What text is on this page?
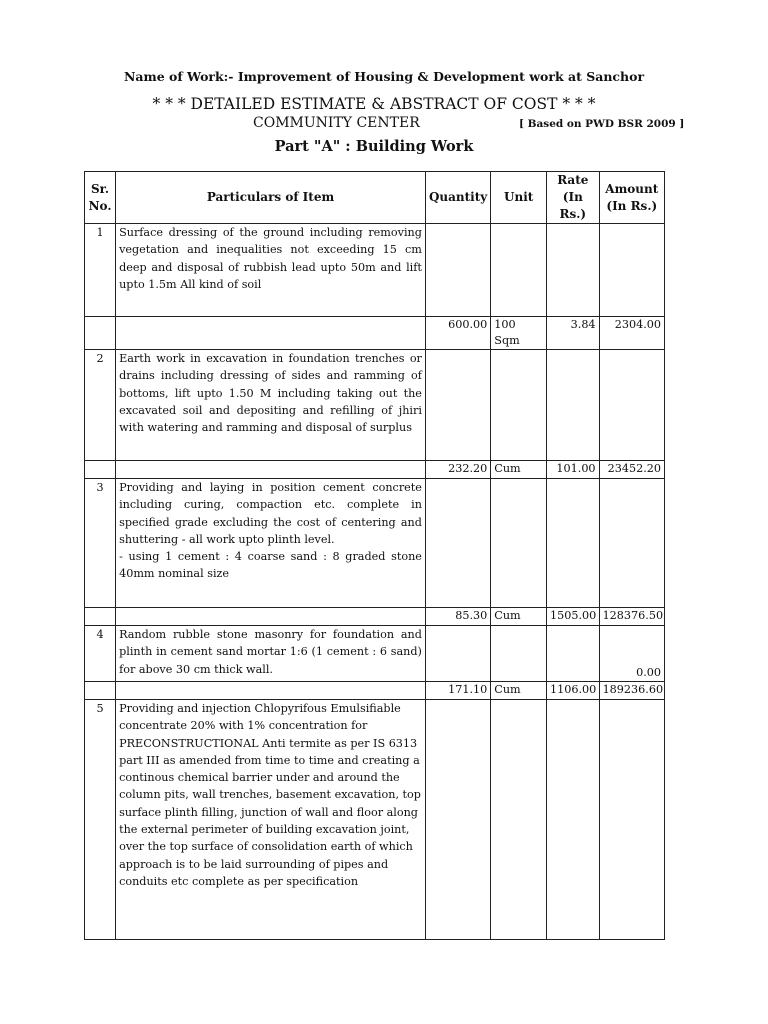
Name of Work:- Improvement of Housing & Development work at Sanchor
* * * DETAILED ESTIMATE & ABSTRACT OF COST * * *
COMMUNITY CENTER	[ Based on PWD BSR 2009 ]
Part "A" : Building Work
Sr. No.	Particulars of Item	Quantity	Unit	Rate (In Rs.)	Amount (In Rs.)
1	Surface dressing of the ground including removing vegetation and inequalities not exceeding 15 cm deep and disposal of rubbish lead upto 50m and lift upto 1.5m All kind of soil				
		600.00	100 Sqm	3.84	2304.00
2	Earth work in excavation in foundation trenches or drains including dressing of sides and ramming of bottoms, lift upto 1.50 M including taking out the excavated soil and depositing and refilling of jhiri with watering and ramming and disposal of surplus				
		232.20	Cum	101.00	23452.20
3	Providing and laying in position cement concrete including curing, compaction etc. complete in specified grade excluding the cost of centering and shuttering - all work upto plinth level.
- using 1 cement : 4 coarse sand : 8 graded stone 40mm nominal size				
		85.30	Cum	1505.00	128376.50
4	Random rubble stone masonry for foundation and plinth in cement sand mortar 1:6 (1 cement : 6 sand) for above 30 cm thick wall.				0.00
		171.10	Cum	1106.00	189236.60
5	Providing and injection Chlopyrifous Emulsifiable concentrate 20% with 1% concentration for PRECONSTRUCTIONAL Anti termite as per IS 6313 part III as amended from time to time and creating a continous chemical barrier under and around the column pits, wall trenches, basement excavation, top surface plinth filling, junction of wall and floor along the external perimeter of building excavation joint, over the top surface of consolidation earth of which approach is to be laid surrounding of pipes and conduits etc complete as per specification				
